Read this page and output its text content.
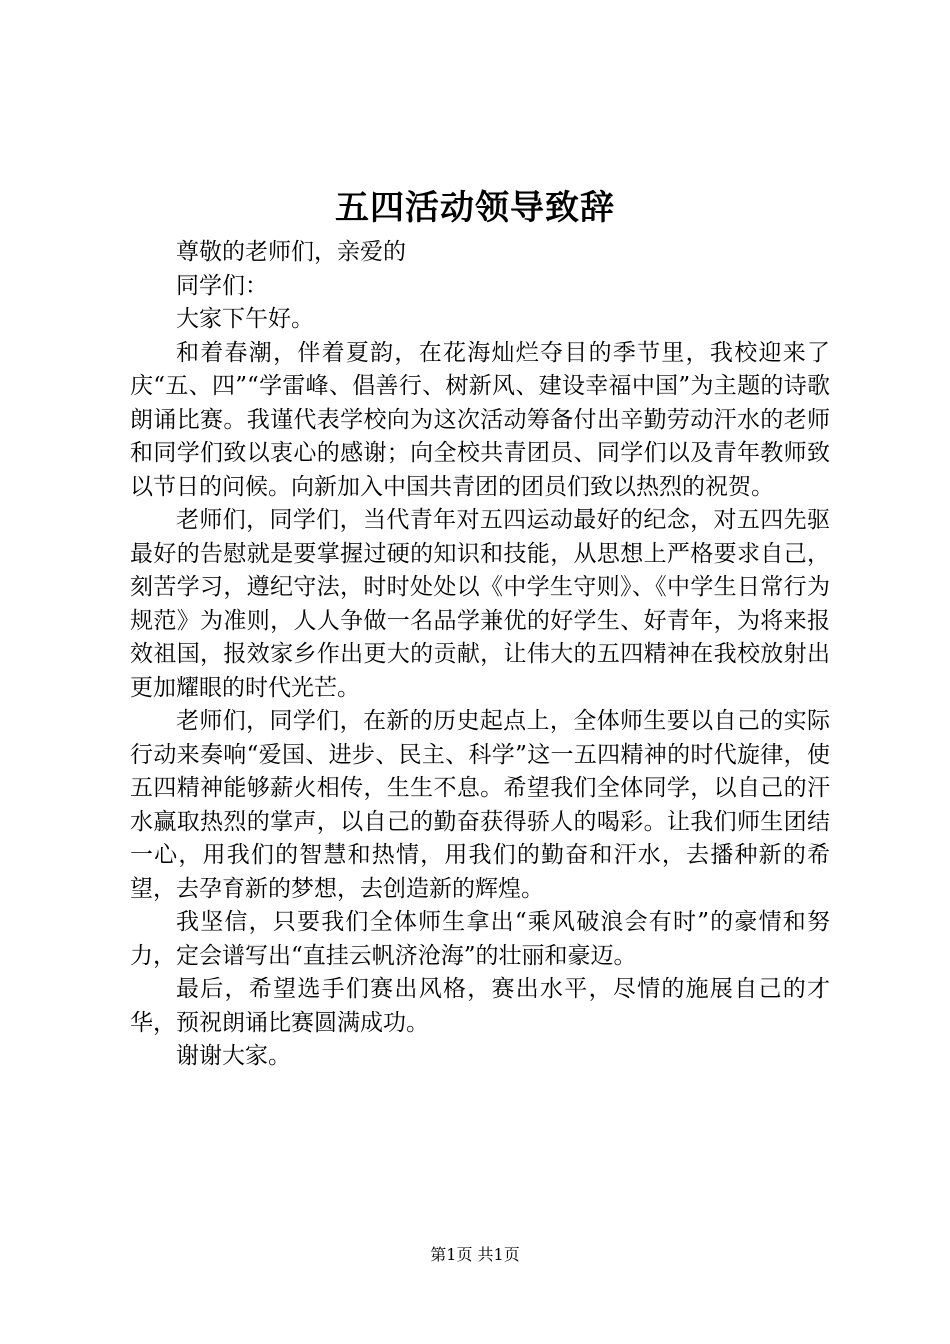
五四活动领导致辞

尊敬的老师们，亲爱的

同学们：

大家下午好。

和着春潮，伴着夏韵，在花海灿烂夺目的季节里，我校迎来了庆“五、四”“学雷峰、倡善行、树新风、建设幸福中国”为主题的诗歌朗诵比赛。我谨代表学校向为这次活动筹备付出辛勤劳动汗水的老师和同学们致以衷心的感谢；向全校共青团员、同学们以及青年教师致以节日的问候。向新加入中国共青团的团员们致以热烈的祝贺。

老师们，同学们，当代青年对五四运动最好的纪念，对五四先驱最好的告慰就是要掌握过硬的知识和技能，从思想上严格要求自己，刻苦学习，遵纪守法，时时处处以《中学生守则》、《中学生日常行为规范》为准则，人人争做一名品学兼优的好学生、好青年，为将来报效祖国，报效家乡作出更大的贡献，让伟大的五四精神在我校放射出更加耀眼的时代光芒。

老师们，同学们，在新的历史起点上，全体师生要以自己的实际行动来奏响“爱国、进步、民主、科学”这一五四精神的时代旋律，使五四精神能够薪火相传，生生不息。希望我们全体同学，以自己的汗水赢取热烈的掌声，以自己的勤奋获得骄人的喝彩。让我们师生团结一心，用我们的智慧和热情，用我们的勤奋和汗水，去播种新的希望，去孕育新的梦想，去创造新的辉煌。

我坚信，只要我们全体师生拿出“乘风破浪会有时”的豪情和努力，定会谱写出“直挂云帆济沧海”的壮丽和豪迈。

最后，希望选手们赛出风格，赛出水平，尽情的施展自己的才华，预祝朗诵比赛圆满成功。

谢谢大家。

第1页 共1页
